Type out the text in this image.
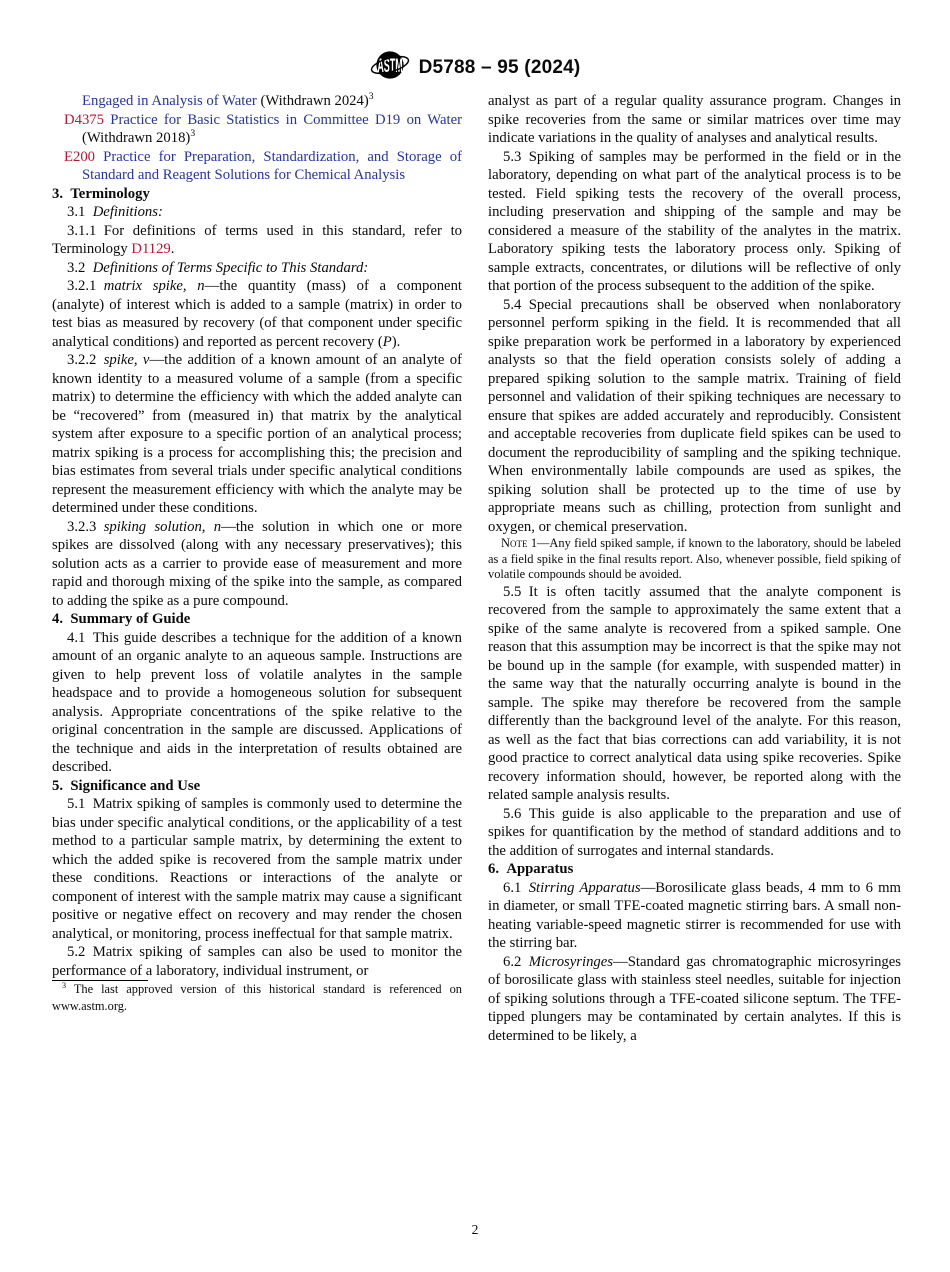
ASTM D5788 – 95 (2024)
Engaged in Analysis of Water (Withdrawn 2024)$^3$
D4375 Practice for Basic Statistics in Committee D19 on Water (Withdrawn 2018)$^3$
E200 Practice for Preparation, Standardization, and Storage of Standard and Reagent Solutions for Chemical Analysis
3. Terminology

3.1 Definitions:

3.1.1 For definitions of terms used in this standard, refer to Terminology D1129.

3.2 Definitions of Terms Specific to This Standard:

3.2.1 matrix spike, n—the quantity (mass) of a component (analyte) of interest which is added to a sample (matrix) in order to test bias as measured by recovery (of that component under specific analytical conditions) and reported as percent recovery (P).

3.2.2 spike, v—the addition of a known amount of an analyte of known identity to a measured volume of a sample (from a specific matrix) to determine the efficiency with which the added analyte can be “recovered” from (measured in) that matrix by the analytical system after exposure to a specific portion of an analytical process; matrix spiking is a process for accomplishing this; the precision and bias estimates from several trials under specific analytical conditions represent the measurement efficiency with which the analyte may be determined under these conditions.

3.2.3 spiking solution, n—the solution in which one or more spikes are dissolved (along with any necessary preservatives); this solution acts as a carrier to provide ease of measurement and more rapid and thorough mixing of the spike into the sample, as compared to adding the spike as a pure compound.

4. Summary of Guide

4.1 This guide describes a technique for the addition of a known amount of an organic analyte to an aqueous sample. Instructions are given to help prevent loss of volatile analytes in the sample headspace and to provide a homogeneous solution for subsequent analysis. Appropriate concentrations of the spike relative to the original concentration in the sample are discussed. Applications of the technique and aids in the interpretation of results obtained are described.

5. Significance and Use

5.1 Matrix spiking of samples is commonly used to determine the bias under specific analytical conditions, or the applicability of a test method to a particular sample matrix, by determining the extent to which the added spike is recovered from the sample matrix under these conditions. Reactions or interactions of the analyte or component of interest with the sample matrix may cause a significant positive or negative effect on recovery and may render the chosen analytical, or monitoring, process ineffectual for that sample matrix.

5.2 Matrix spiking of samples can also be used to monitor the performance of a laboratory, individual instrument, or

$^3$ The last approved version of this historical standard is referenced on www.astm.org.

analyst as part of a regular quality assurance program. Changes in spike recoveries from the same or similar matrices over time may indicate variations in the quality of analyses and analytical results.

5.3 Spiking of samples may be performed in the field or in the laboratory, depending on what part of the analytical process is to be tested. Field spiking tests the recovery of the overall process, including preservation and shipping of the sample and may be considered a measure of the stability of the analytes in the matrix. Laboratory spiking tests the laboratory process only. Spiking of sample extracts, concentrates, or dilutions will be reflective of only that portion of the process subsequent to the addition of the spike.

5.4 Special precautions shall be observed when nonlaboratory personnel perform spiking in the field. It is recommended that all spike preparation work be performed in a laboratory by experienced analysts so that the field operation consists solely of adding a prepared spiking solution to the sample matrix. Training of field personnel and validation of their spiking techniques are necessary to ensure that spikes are added accurately and reproducibly. Consistent and acceptable recoveries from duplicate field spikes can be used to document the reproducibility of sampling and the spiking technique. When environmentally labile compounds are used as spikes, the spiking solution shall be protected up to the time of use by appropriate means such as chilling, protection from sunlight and oxygen, or chemical preservation.

Note 1—Any field spiked sample, if known to the laboratory, should be labeled as a field spike in the final results report. Also, whenever possible, field spiking of volatile compounds should be avoided.

5.5 It is often tacitly assumed that the analyte component is recovered from the sample to approximately the same extent that a spike of the same analyte is recovered from a spiked sample. One reason that this assumption may be incorrect is that the spike may not be bound up in the sample (for example, with suspended matter) in the same way that the naturally occurring analyte is bound in the sample. The spike may therefore be recovered from the sample differently than the background level of the analyte. For this reason, as well as the fact that bias corrections can add variability, it is not good practice to correct analytical data using spike recoveries. Spike recovery information should, however, be reported along with the related sample analysis results.

5.6 This guide is also applicable to the preparation and use of spikes for quantification by the method of standard additions and to the addition of surrogates and internal standards.

6. Apparatus

6.1 Stirring Apparatus—Borosilicate glass beads, 4 mm to 6 mm in diameter, or small TFE-coated magnetic stirring bars. A small non-heating variable-speed magnetic stirrer is recommended for use with the stirring bar.

6.2 Microsyringes—Standard gas chromatographic microsyringes of borosilicate glass with stainless steel needles, suitable for injection of spiking solutions through a TFE-coated silicone septum. The TFE-tipped plungers may be contaminated by certain analytes. If this is determined to be likely, a

2
